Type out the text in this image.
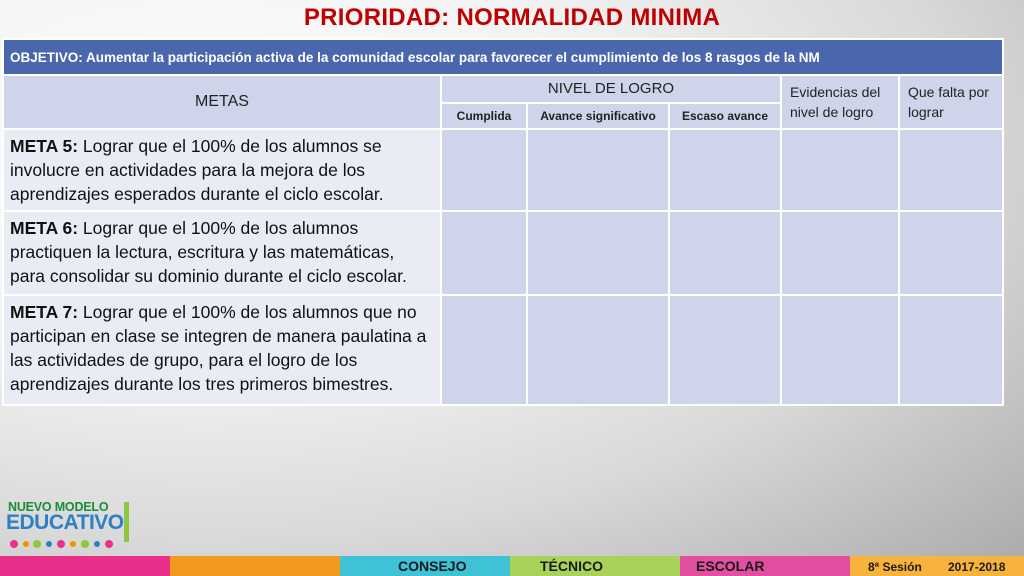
PRIORIDAD: NORMALIDAD MINIMA
OBJETIVO: Aumentar la participación activa de la comunidad escolar para favorecer el cumplimiento de los 8 rasgos de la NM					
METAS	NIVEL DE LOGRO			Evidencias del nivel de logro	Que falta por lograr
	Cumplida	Avance significativo	Escaso avance		
META 5: Lograr que el 100% de los alumnos se involucre en actividades para la mejora de los aprendizajes esperados durante el ciclo escolar.					
META 6: Lograr que el 100% de los alumnos practiquen la lectura, escritura y las matemáticas, para consolidar su dominio durante el ciclo escolar.					
META 7: Lograr que el 100% de los alumnos que no participan en clase se integren de manera paulatina a las actividades de grupo, para el logro de los aprendizajes durante los tres primeros bimestres.					
NUEVO MODELO
EDUCATIVO
CONSEJO	TÉCNICO	ESCOLAR	8ª Sesión 2017-2018
